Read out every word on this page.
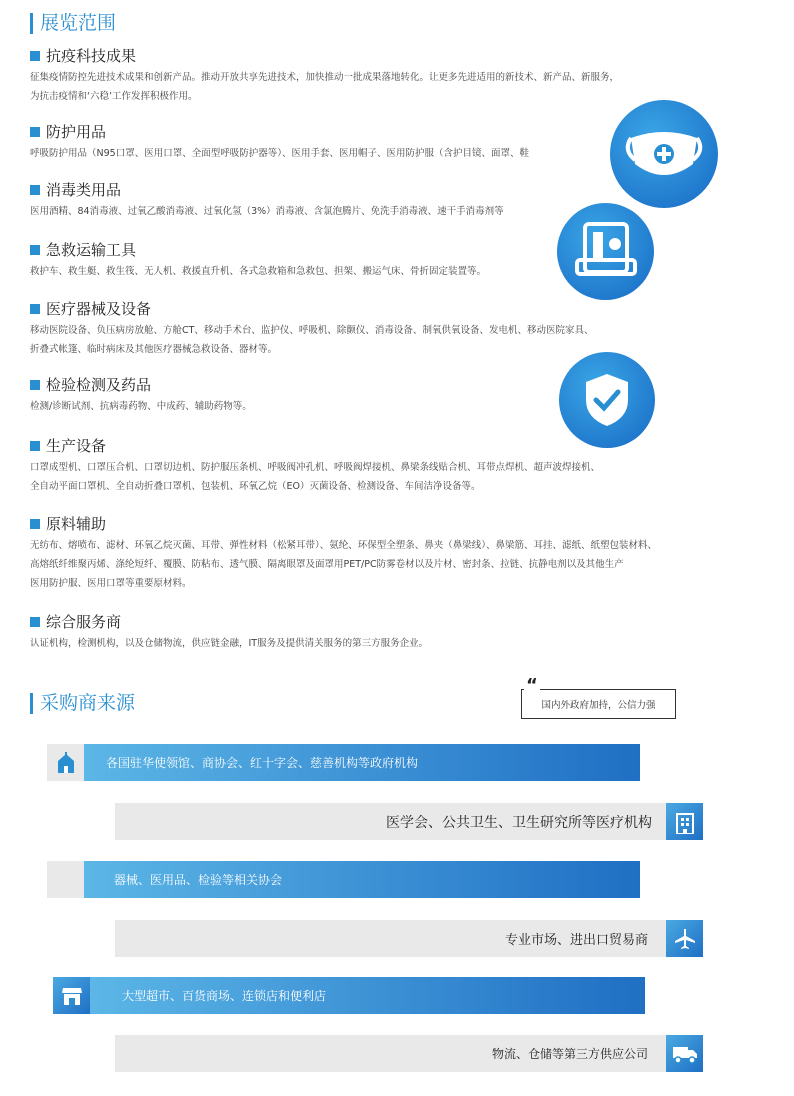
展览范围
抗疫科技成果
征集疫情防控先进技术成果和创新产品。推动开放共享先进技术，加快推动一批成果落地转化。让更多先进适用的新技术、新产品、新服务，
为抗击疫情和‘六稳’工作发挥积极作用。
防护用品
呼吸防护用品（N95口罩、医用口罩、全面型呼吸防护器等）、医用手套、医用帽子、医用防护服（含护目镜、面罩、鞋
消毒类用品
医用酒精、84消毒液、过氧乙酸消毒液、过氧化氢（3%）消毒液、含氯泡腾片、免洗手消毒液、速干手消毒剂等
急救运输工具
救护车、救生艇、救生筏、无人机、救援直升机、各式急救箱和急救包、担架、搬运气床、骨折固定装置等。
医疗器械及设备
移动医院设备、负压病房放舱、方舱CT、移动手术台、监护仪、呼吸机、除颤仪、消毒设备、制氧供氧设备、发电机、移动医院家具、
折叠式帐篷、临时病床及其他医疗器械急救设备、器材等。
检验检测及药品
检测/诊断试剂、抗病毒药物、中成药、辅助药物等。
生产设备
口罩成型机、口罩压合机、口罩切边机、防护服压条机、呼吸阀冲孔机、呼吸阀焊接机、鼻梁条线贴合机、耳带点焊机、超声波焊接机、
全自动平面口罩机、全自动折叠口罩机、包装机、环氧乙烷（EO）灭菌设备、检测设备、车间洁净设备等。
原料辅助
无纺布、熔喷布、滤材、环氧乙烷灭菌、耳带、弹性材料（松紧耳带）、氨纶、环保型全塑条、鼻夹（鼻梁线）、鼻梁筋、耳挂、滤纸、纸塑包装材料、
高熔纸纤维聚丙烯、涤纶短纤、覆膜、防粘布、透气膜、隔离眼罩及面罩用PET/PC防雾卷材以及片材、密封条、拉链、抗静电剂以及其他生产
医用防护服、医用口罩等重要原材料。
综合服务商
认证机构，检测机构，以及仓储物流，供应链金融，IT服务及提供清关服务的第三方服务企业。
采购商来源	国内外政府加持，公信力强
“
各国驻华使领馆、商协会、红十字会、慈善机构等政府机构
医学会、公共卫生、卫生研究所等医疗机构
器械、医用品、检验等相关协会
专业市场、进出口贸易商
大型超市、百货商场、连锁店和便利店
物流、仓储等第三方供应公司
